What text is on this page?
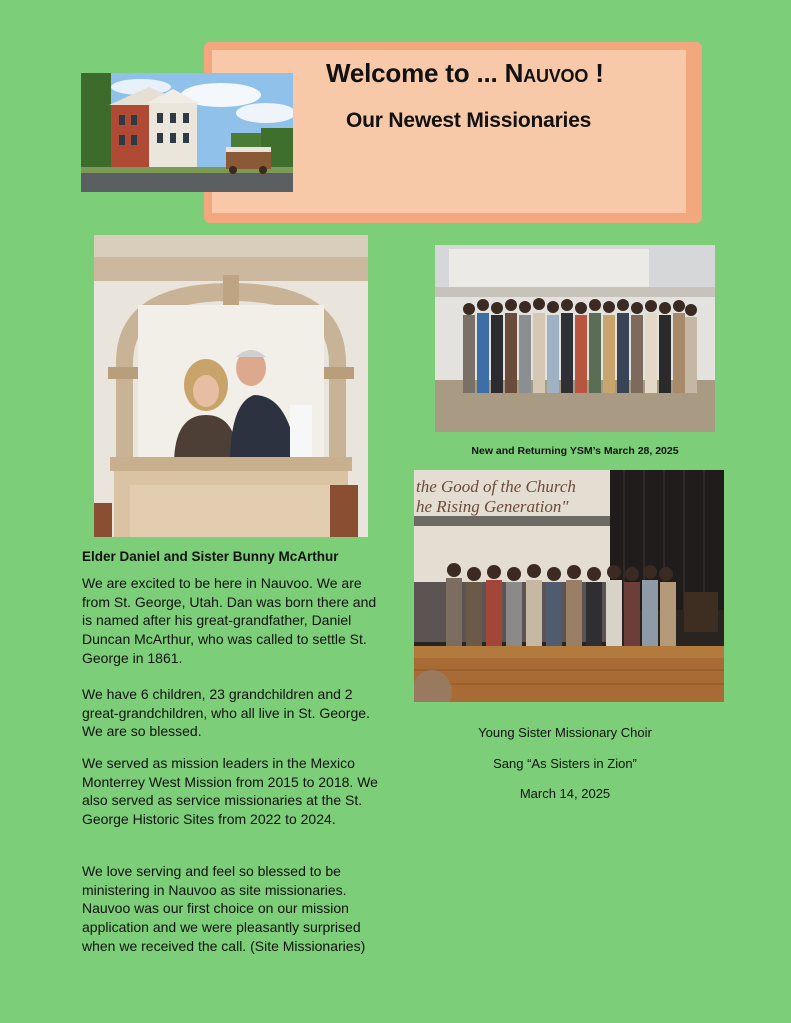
Welcome to ... Nauvoo !
Our Newest Missionaries
New and Returning YSM’s March 28, 2025
the Good of the Church
he Rising Generation"
Elder Daniel and Sister Bunny McArthur
We are excited to be here in Nauvoo. We are from St. George, Utah. Dan was born there and is named after his great-grandfather, Daniel Duncan McArthur, who was called to settle St. George in 1861.
We have 6 children, 23 grandchildren and 2 great-grandchildren, who all live in St. George. We are so blessed.
We served as mission leaders in the Mexico Monterrey West Mission from 2015 to 2018. We also served as service missionaries at the St. George Historic Sites from 2022 to 2024.
We love serving and feel so blessed to be ministering in Nauvoo as site missionaries. Nauvoo was our first choice on our mission application and we were pleasantly surprised when we received the call. (Site Missionaries)
Young Sister Missionary Choir
Sang “As Sisters in Zion”
March 14, 2025
